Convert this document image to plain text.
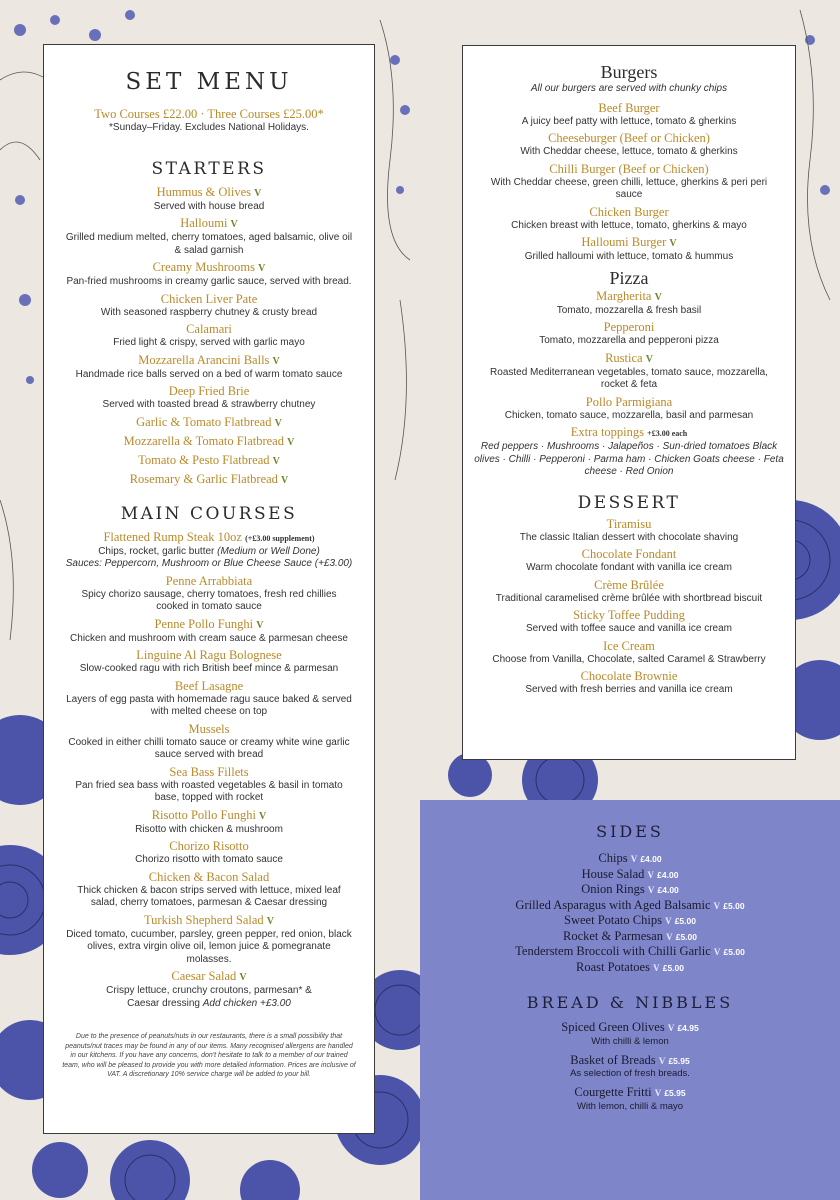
SET MENU
Two Courses £22.00 · Three Courses £25.00*
*Sunday–Friday. Excludes National Holidays.
STARTERS
Hummus & Olives V
Served with house bread
Halloumi V
Grilled medium melted, cherry tomatoes, aged balsamic, olive oil & salad garnish
Creamy Mushrooms V
Pan-fried mushrooms in creamy garlic sauce, served with bread.
Chicken Liver Pate
With seasoned raspberry chutney & crusty bread
Calamari
Fried light & crispy, served with garlic mayo
Mozzarella Arancini Balls V
Handmade rice balls served on a bed of warm tomato sauce
Deep Fried Brie
Served with toasted bread & strawberry chutney
Garlic & Tomato Flatbread V
Mozzarella & Tomato Flatbread V
Tomato & Pesto Flatbread V
Rosemary & Garlic Flatbread V
MAIN COURSES
Flattened Rump Steak 10oz (+£3.00 supplement)
Chips, rocket, garlic butter (Medium or Well Done)
Sauces: Peppercorn, Mushroom or Blue Cheese Sauce (+£3.00)
Penne Arrabbiata
Spicy chorizo sausage, cherry tomatoes, fresh red chillies cooked in tomato sauce
Penne Pollo Funghi V
Chicken and mushroom with cream sauce & parmesan cheese
Linguine Al Ragu Bolognese
Slow-cooked ragu with rich British beef mince & parmesan
Beef Lasagne
Layers of egg pasta with homemade ragu sauce baked & served with melted cheese on top
Mussels
Cooked in either chilli tomato sauce or creamy white wine garlic sauce served with bread
Sea Bass Fillets
Pan fried sea bass with roasted vegetables & basil in tomato base, topped with rocket
Risotto Pollo Funghi V
Risotto with chicken & mushroom
Chorizo Risotto
Chorizo risotto with tomato sauce
Chicken & Bacon Salad
Thick chicken & bacon strips served with lettuce, mixed leaf salad, cherry tomatoes, parmesan & Caesar dressing
Turkish Shepherd Salad V
Diced tomato, cucumber, parsley, green pepper, red onion, black olives, extra virgin olive oil, lemon juice & pomegranate molasses.
Caesar Salad V
Crispy lettuce, crunchy croutons, parmesan* & Caesar dressing Add chicken +£3.00

Due to the presence of peanuts/nuts in our restaurants, there is a small possibility that peanuts/nut traces may be found in any of our items. Many recognised allergens are handled in our kitchens. If you have any concerns, don't hesitate to talk to a member of our trained team, who will be pleased to provide you with more detailed information. Prices are inclusive of VAT. A discretionary 10% service charge will be added to your bill.

Burgers
All our burgers are served with chunky chips
Beef Burger
A juicy beef patty with lettuce, tomato & gherkins
Cheeseburger (Beef or Chicken)
With Cheddar cheese, lettuce, tomato & gherkins
Chilli Burger (Beef or Chicken)
With Cheddar cheese, green chilli, lettuce, gherkins & peri peri sauce
Chicken Burger
Chicken breast with lettuce, tomato, gherkins & mayo
Halloumi Burger V
Grilled halloumi with lettuce, tomato & hummus
Pizza
Margherita V
Tomato, mozzarella & fresh basil
Pepperoni
Tomato, mozzarella and pepperoni pizza
Rustica V
Roasted Mediterranean vegetables, tomato sauce, mozzarella, rocket & feta
Pollo Parmigiana
Chicken, tomato sauce, mozzarella, basil and parmesan
Extra toppings +£3.00 each
Red peppers · Mushrooms · Jalapeños · Sun-dried tomatoes Black olives · Chilli · Pepperoni · Parma ham · Chicken Goats cheese · Feta cheese · Red Onion
DESSERT
Tiramisu
The classic Italian dessert with chocolate shaving
Chocolate Fondant
Warm chocolate fondant with vanilla ice cream
Crème Brûlée
Traditional caramelised crème brûlée with shortbread biscuit
Sticky Toffee Pudding
Served with toffee sauce and vanilla ice cream
Ice Cream
Choose from Vanilla, Chocolate, salted Caramel & Strawberry
Chocolate Brownie
Served with fresh berries and vanilla ice cream
SIDES
Chips V £4.00
House Salad V £4.00
Onion Rings V £4.00
Grilled Asparagus with Aged Balsamic V £5.00
Sweet Potato Chips V £5.00
Rocket & Parmesan V £5.00
Tenderstem Broccoli with Chilli Garlic V £5.00
Roast Potatoes V £5.00
BREAD & NIBBLES
Spiced Green Olives V £4.95
With chilli & lemon
Basket of Breads V £5.95
As selection of fresh breads.
Courgette Fritti V £5.95
With lemon, chilli & mayo
